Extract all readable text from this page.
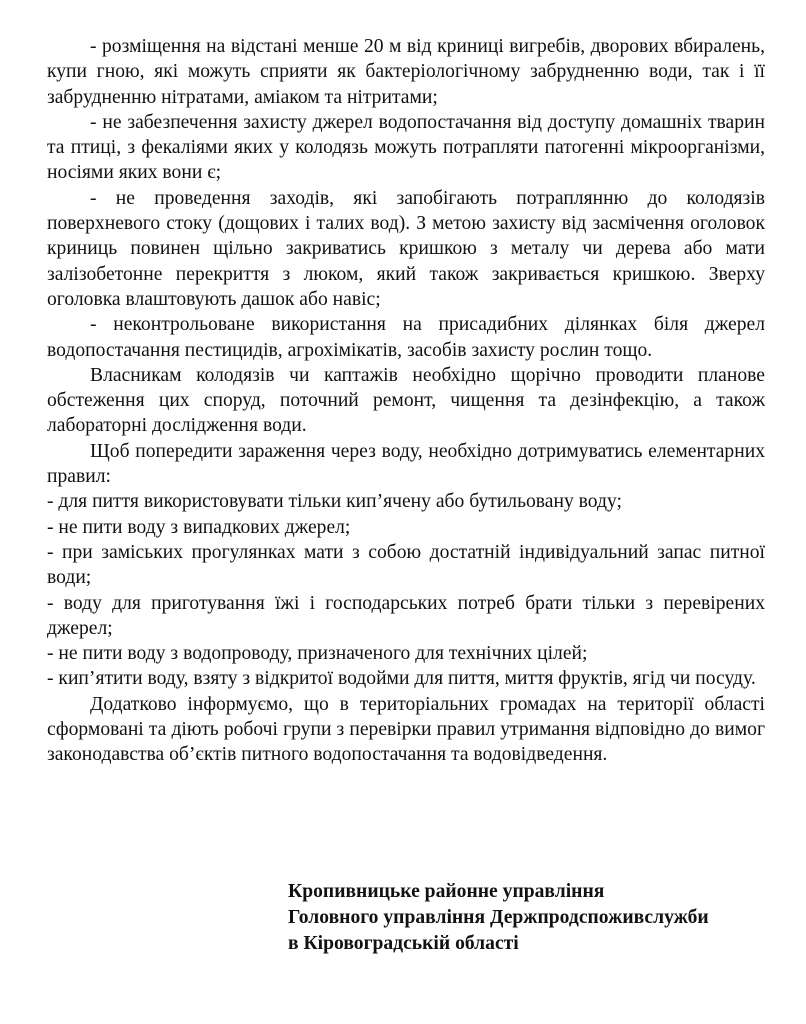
- розміщення на відстані менше 20 м від криниці вигребів, дворових вбиралень, купи гною, які можуть сприяти як бактеріологічному забрудненню води, так і її забрудненню нітратами, аміаком та нітритами;

- не забезпечення захисту джерел водопостачання від доступу домашніх тварин та птиці, з фекаліями яких у колодязь можуть потрапляти патогенні мікроорганізми, носіями яких вони є;

- не проведення заходів, які запобігають потраплянню до колодязів поверхневого стоку (дощових і талих вод). З метою захисту від засмічення оголовок криниць повинен щільно закриватись кришкою з металу чи дерева або мати залізобетонне перекриття з люком, який також закривається кришкою. Зверху оголовка влаштовують дашок або навіс;

- неконтрольоване використання на присадибних ділянках біля джерел водопостачання пестицидів, агрохімікатів, засобів захисту рослин тощо.

Власникам колодязів чи каптажів необхідно щорічно проводити планове обстеження цих споруд, поточний ремонт, чищення та дезінфекцію, а також лабораторні дослідження води.

Щоб попередити зараження через воду, необхідно дотримуватись елементарних правил:

- для пиття використовувати тільки кип’ячену або бутильовану воду;

- не пити воду з випадкових джерел;

- при заміських прогулянках мати з собою достатній індивідуальний запас питної води;

- воду для приготування їжі і господарських потреб брати тільки з перевірених джерел;

- не пити воду з водопроводу, призначеного для технічних цілей;

- кип’ятити воду, взяту з відкритої водойми для пиття, миття фруктів, ягід чи посуду.

Додатково інформуємо, що в територіальних громадах на території області сформовані та діють робочі групи з перевірки правил утримання відповідно до вимог законодавства об’єктів питного водопостачання та водовідведення.

Кропивницьке районне управління
Головного управління Держпродспоживслужби
в Кіровоградській області
